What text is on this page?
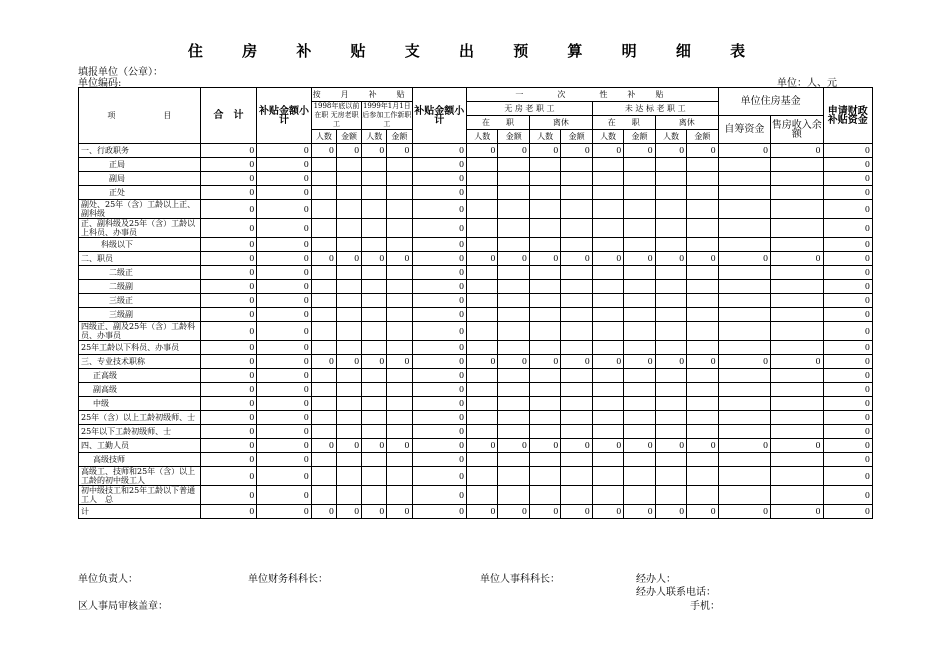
住 房 补 贴 支 出 预 算 明 细 表
填报单位（公章）：
单位编码:	单位：人、元
项　　　　　　目	合　计	补贴金额小计	按　月　补　贴				补贴金额小计	一　　次　　性　补　贴								单位住房基金		申请财政补贴资金
			1998年底以前在职 无房老职工		1999年1月1日后参加工作新职工			无 房 老 职 工				未 达 标 老 职 工						
								在　　职		离休		在　　职		离休		自筹资金	售房收入余额	
			人数	金额	人数	金额		人数	金额	人数	金额	人数	金额	人数	金额			
一、行政职务	0	0	0	0	0	0	0	0	0	0	0	0	0	0	0	0	0	0
正局	0	0					0											0
副局	0	0					0											0
正处	0	0					0											0
副处、25年（含）工龄以上正、副科级	0	0					0											0
正、副科级及25年（含）工龄以上科员、办事员	0	0					0											0
科级以下	0	0					0											0
二、职员	0	0	0	0	0	0	0	0	0	0	0	0	0	0	0	0	0	0
二级正	0	0					0											0
二级副	0	0					0											0
三级正	0	0					0											0
三级副	0	0					0											0
四级正、副及25年（含）工龄科员、办事员	0	0					0											0
25年工龄以下科员、办事员	0	0					0											0
三、专业技术职称	0	0	0	0	0	0	0	0	0	0	0	0	0	0	0	0	0	0
正高级	0	0					0											0
副高级	0	0					0											0
中级	0	0					0											0
25年（含）以上工龄初级师、士	0	0					0											0
25年以下工龄初级师、士	0	0					0											0
四、工勤人员	0	0	0	0	0	0	0	0	0	0	0	0	0	0	0	0	0	0
高级技师	0	0					0											0
高级工、技师和25年（含）以上工龄的初中级工人	0	0					0											0
初中级技工和25年工龄以下普通工人　总	0	0					0											0
计	0	0	0	0	0	0	0	0	0	0	0	0	0	0	0	0	0	0
单位负责人：	单位财务科科长：	单位人事科科长：	经办人：
经办人联系电话：
区人事局审核盖章：	手机：
